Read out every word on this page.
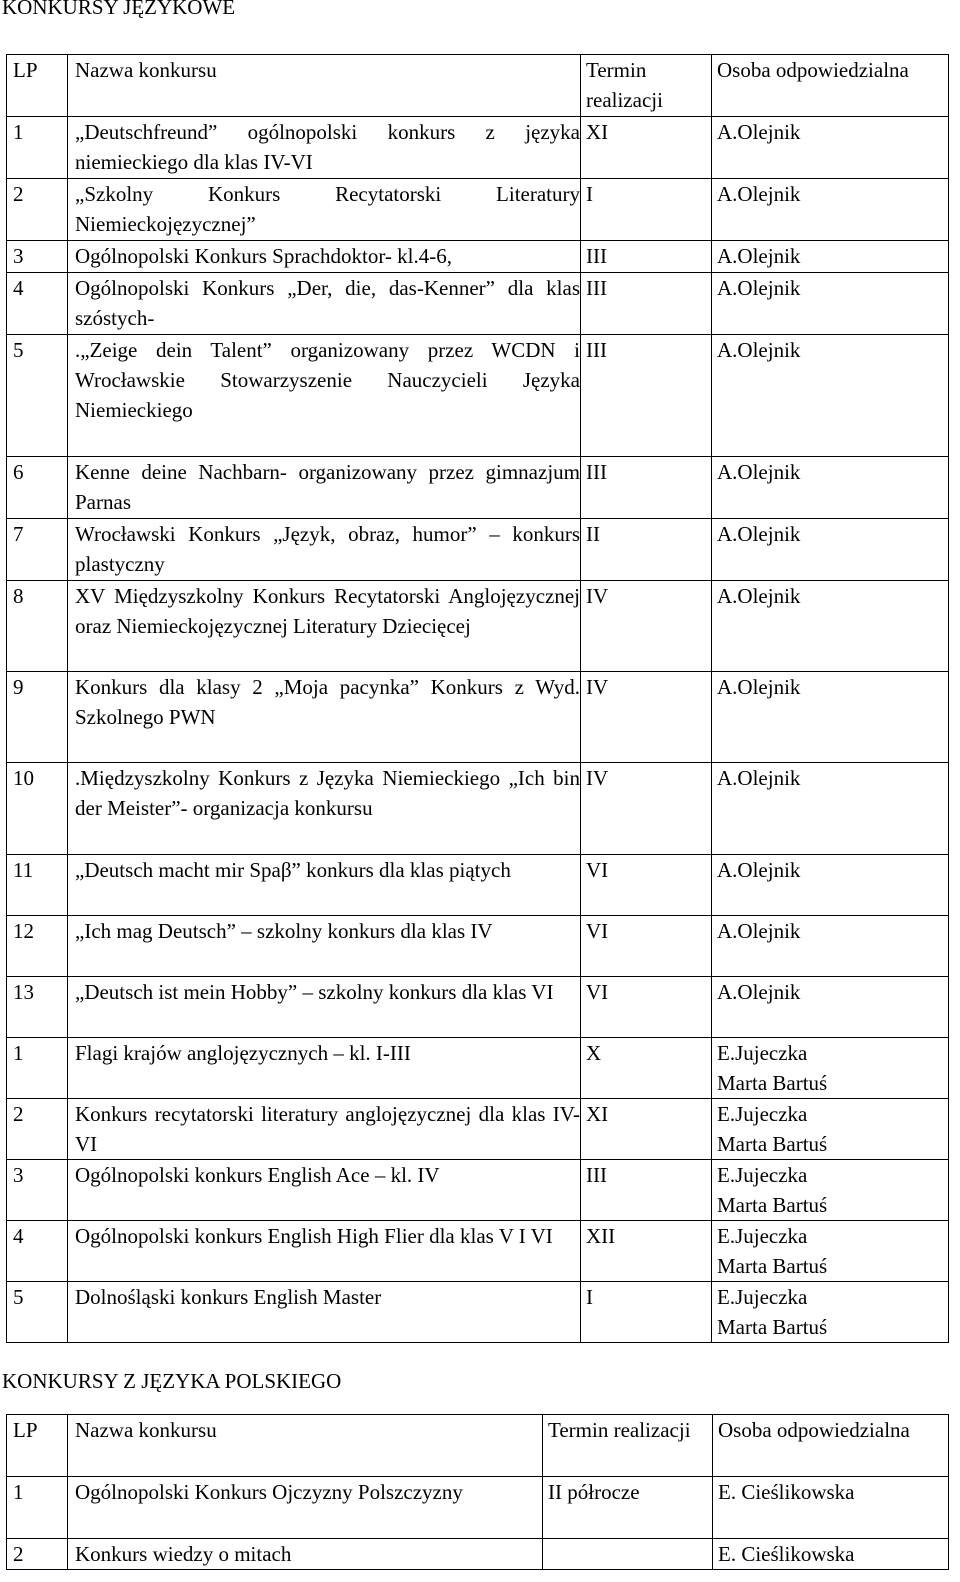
KONKURSY JĘZYKOWE
LP	Nazwa konkursu	Termin realizacji	Osoba odpowiedzialna
1	„Deutschfreund” ogólnopolski konkurs z języka niemieckiego dla klas IV-VI	XI	A.Olejnik

2	„Szkolny Konkurs Recytatorski Literatury Niemieckojęzycznej”	I	A.Olejnik

3	Ogólnopolski Konkurs Sprachdoktor- kl.4-6,	III	A.Olejnik

4	Ogólnopolski Konkurs „Der, die, das-Kenner” dla klas szóstych-	III	A.Olejnik

5	.„Zeige dein Talent” organizowany przez WCDN i Wrocławskie Stowarzyszenie Nauczycieli Języka Niemieckiego	III	A.Olejnik

6	Kenne deine Nachbarn- organizowany przez gimnazjum Parnas	III	A.Olejnik

7	Wrocławski Konkurs „Język, obraz, humor” – konkurs plastyczny	II	A.Olejnik

8	XV Międzyszkolny Konkurs Recytatorski Anglojęzycznej oraz Niemieckojęzycznej Literatury Dziecięcej	IV	A.Olejnik

9	Konkurs dla klasy 2 „Moja pacynka” Konkurs z Wyd. Szkolnego PWN	IV	A.Olejnik

10	.Międzyszkolny Konkurs z Języka Niemieckiego „Ich bin der Meister”- organizacja konkursu	IV	A.Olejnik

11	„Deutsch macht mir Spaβ” konkurs dla klas piątych	VI	A.Olejnik

12	„Ich mag Deutsch” – szkolny konkurs dla klas IV	VI	A.Olejnik

13	„Deutsch ist mein Hobby” – szkolny konkurs dla klas VI	VI	A.Olejnik

1	Flagi krajów anglojęzycznych – kl. I-III	X	E.Jujeczka
Marta Bartuś

2	Konkurs recytatorski literatury anglojęzycznej dla klas IV-VI	XI	E.Jujeczka
Marta Bartuś

3	Ogólnopolski konkurs English Ace – kl. IV	III	E.Jujeczka
Marta Bartuś

4	Ogólnopolski konkurs English High Flier dla klas V I VI	XII	E.Jujeczka
Marta Bartuś

5	Dolnośląski konkurs English Master	I	E.Jujeczka
Marta Bartuś
KONKURSY Z JĘZYKA POLSKIEGO
LP	Nazwa konkursu	Termin realizacji	Osoba odpowiedzialna
1	Ogólnopolski Konkurs Ojczyzny Polszczyzny	II półrocze	E. Cieślikowska

2	Konkurs wiedzy o mitach		E. Cieślikowska
